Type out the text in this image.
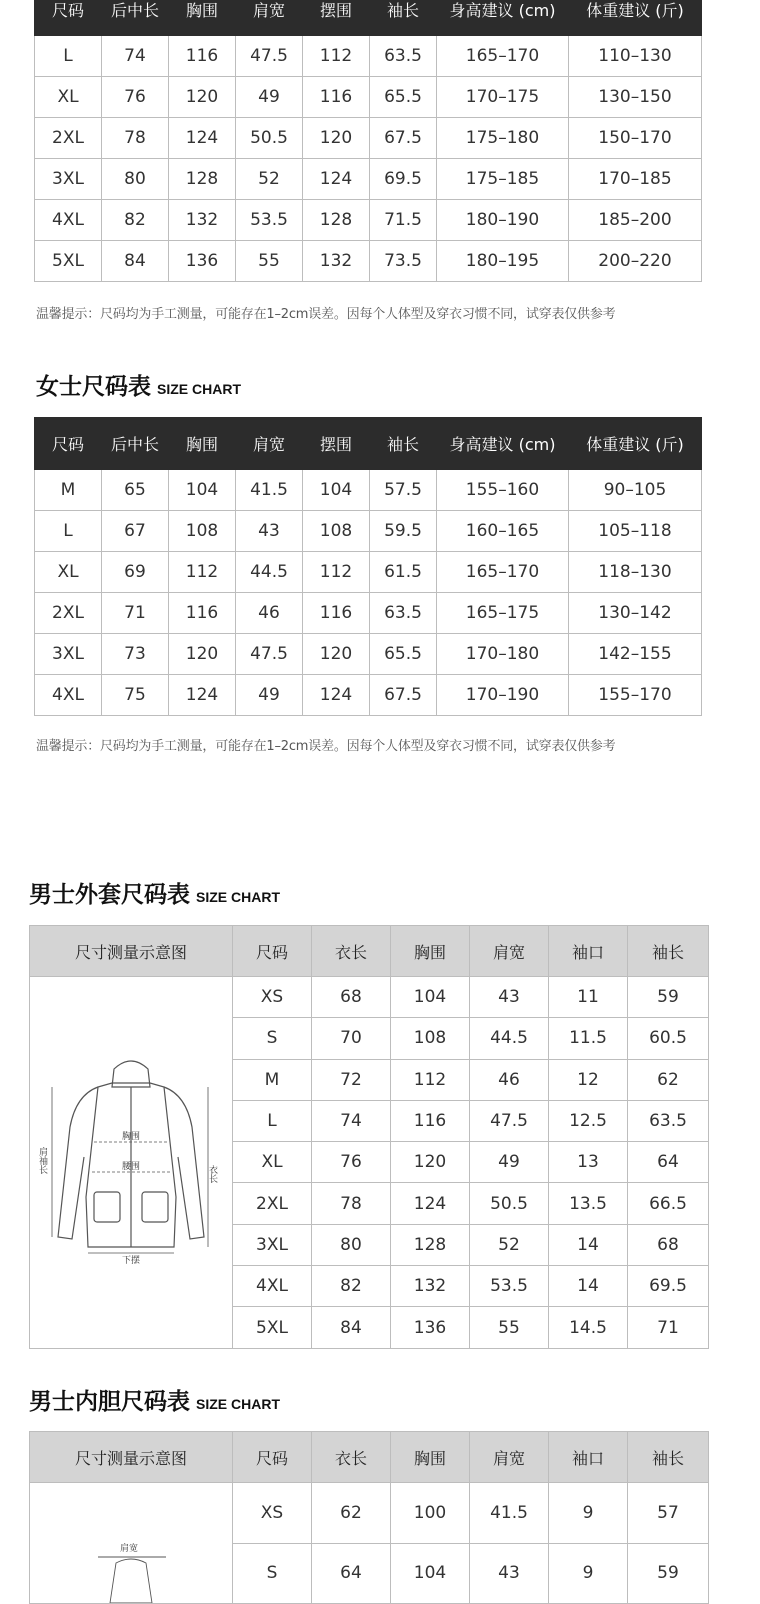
尺码	后中长	胸围	肩宽	摆围	袖长	身高建议 (cm)	体重建议 (斤)
L	74	116	47.5	112	63.5	165–170	110–130
XL	76	120	49	116	65.5	170–175	130–150
2XL	78	124	50.5	120	67.5	175–180	150–170
3XL	80	128	52	124	69.5	175–185	170–185
4XL	82	132	53.5	128	71.5	180–190	185–200
5XL	84	136	55	132	73.5	180–195	200–220
温馨提示：尺码均为手工测量，可能存在1–2cm误差。因每个人体型及穿衣习惯不同，试穿表仅供参考
女士尺码表 SIZE CHART
尺码	后中长	胸围	肩宽	摆围	袖长	身高建议 (cm)	体重建议 (斤)
M	65	104	41.5	104	57.5	155–160	90–105
L	67	108	43	108	59.5	160–165	105–118
XL	69	112	44.5	112	61.5	165–170	118–130
2XL	71	116	46	116	63.5	165–175	130–142
3XL	73	120	47.5	120	65.5	170–180	142–155
4XL	75	124	49	124	67.5	170–190	155–170
温馨提示：尺码均为手工测量，可能存在1–2cm误差。因每个人体型及穿衣习惯不同，试穿表仅供参考
男士外套尺码表 SIZE CHART
尺寸测量示意图	尺码	衣长	胸围	肩宽	袖口	袖长

胸围
腰围
下摆
衣长
肩袖长	XS	68	104	43	11	59
	S	70	108	44.5	11.5	60.5
	M	72	112	46	12	62
	L	74	116	47.5	12.5	63.5
	XL	76	120	49	13	64
	2XL	78	124	50.5	13.5	66.5
	3XL	80	128	52	14	68
	4XL	82	132	53.5	14	69.5
	5XL	84	136	55	14.5	71
男士内胆尺码表 SIZE CHART
尺寸测量示意图	尺码	衣长	胸围	肩宽	袖口	袖长

肩宽	XS	62	100	41.5	9	57
	S	64	104	43	9	59
